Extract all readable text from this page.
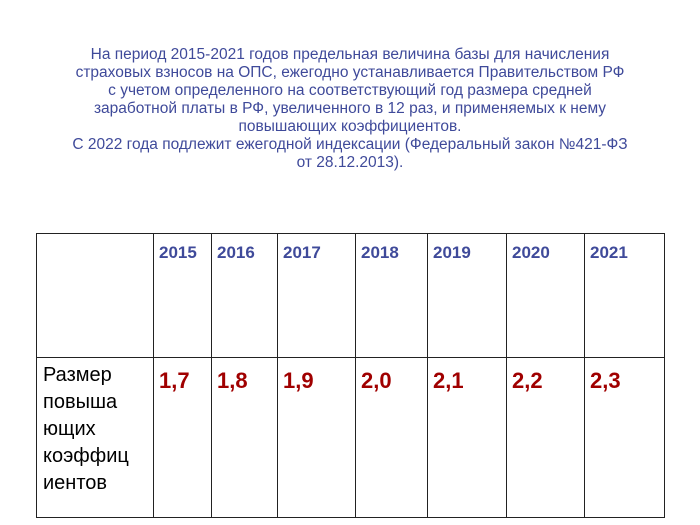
На период 2015-2021 годов предельная величина базы для начисления

страховых взносов на ОПС, ежегодно устанавливается Правительством РФ

с учетом определенного на соответствующий год размера средней

заработной платы в РФ, увеличенного в 12 раз, и применяемых к нему

повышающих коэффициентов.

С 2022 года подлежит ежегодной индексации (Федеральный закон №421-ФЗ

от 28.12.2013).

	2015	2016	2017	2018	2019	2020	2021

Размер
повыша
ющих
коэффиц
иентов	1,7	1,8	1,9	2,0	2,1	2,2	2,3
